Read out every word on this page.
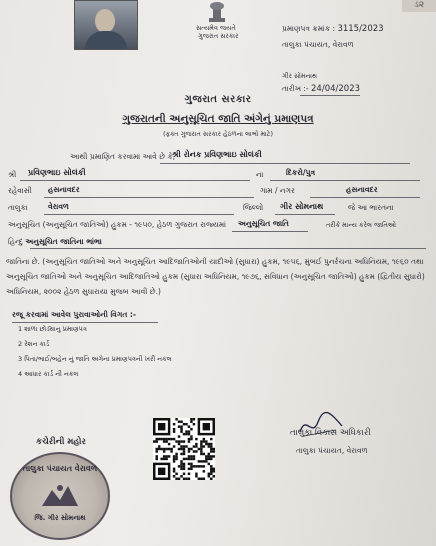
સત્યમેવ જયતે
ગુજરાત સરકાર
ડ૨
પ્રમાણપત્ર ક્રમાંક : 3115/2023
તાલુકા પંચાયત, વેરાવળ
ગીર સોમનાથ
તારીખ :- 24/04/2023
ગુજરાત સરકાર
ગુજરાતની અનુસૂચિત જાતિ અંગેનું પ્રમાણપત્ર
(ફક્ત ગુજરાત સરકાર હેઠળના લાભો માટે)
આથી પ્રમાણિત કરવામાં આવે છે કે,
શ્રી રોનક પ્રવિણભાઇ સોલંકી
શ્રી પ્રવિણભાઇ સોલંકી	ના	દિકરો/પુત્ર
રહેવાસી હસનાવદર	ગામ / નગર	હસનાવદર
તાલુકા	વેરાવળ	જિલ્લો ગીર સોમનાથ	જે આ ભારતના
અનુસૂચિત (અનુસૂચિત જાતિઓ) હુકમ - ૧૯૫૦, હેઠળ ગુજરાત રાજ્યમાં અનુસૂચિત જાતિ	તરીકે માન્ય કરેલ જાતિઓ
હિન્દુ અનુસૂચિત જાતિના ભાંભા
જાતિના છે. (અનુસૂચિત જાતિઓ અને અનુસૂચિત આદિજાતિઓની યાદીઓ (સુધારા) હુકમ, ૧૯૫૬, મુંબઈ પુનર્રચના અધિનિયમ, ૧૯૬૦ તથા અનુસૂચિત જાતિઓ અને અનુસૂચિત આદિજાતિઓ હુકમ (સુધારા અધિનિયમ, ૧૯૭૬, સંવિધાન (અનુસૂચિત જાતિઓ) હુકમ (દ્વિતીય સુધારો) અધિનિયમ, ૨૦૦૨ હેઠળ સુધારાયા મુજબ આવી છે.)
રજૂ કરવામાં આવેલ પુરાવાઓની વિગત :-
1 શાળા છોડ્યાનુ પ્રમાણપત્ર
2 રેશન કાર્ડ
3 પિતા/ભાઈ/બહેન નું જાતિ અંગેના પ્રમાણપત્રની ખરી નકલ
4 આધાર કાર્ડ ની નકલ
કચેરીની મહોર
તાલુકા પંચાયત વેરાવળ
જિ. ગીર સોમનાથ
તાલુકા વિકાસ અધિકારી
તાલુકા પંચાયત, વેરાવળ
